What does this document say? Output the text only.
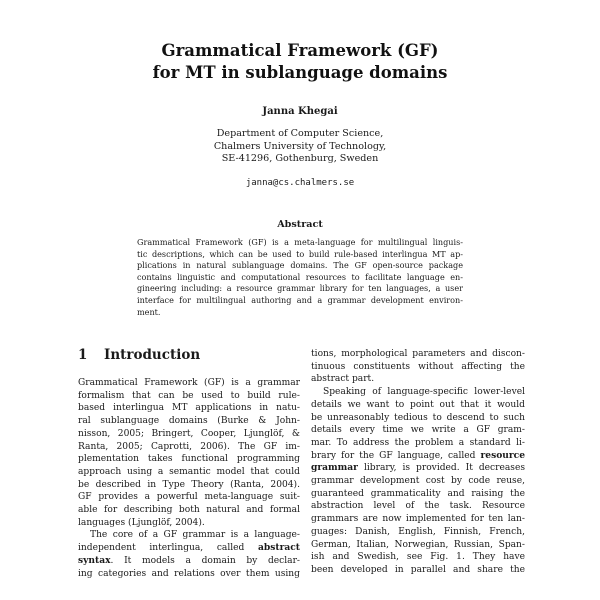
Grammatical Framework (GF)
for MT in sublanguage domains
Janna Khegai
Department of Computer Science,
Chalmers University of Technology,
SE-41296, Gothenburg, Sweden
janna@cs.chalmers.se
Abstract
Grammatical Framework (GF) is a meta-language for multilingual linguis-
tic descriptions, which can be used to build rule-based interlingua MT ap-
plications in natural sublanguage domains. The GF open-source package
contains linguistic and computational resources to facilitate language en-
gineering including: a resource grammar library for ten languages, a user
interface for multilingual authoring and a grammar development environ-
ment.
1 Introduction
Grammatical Framework (GF) is a grammar
formalism that can be used to build rule-
based interlingua MT applications in natu-
ral sublanguage domains (Burke & John-
nisson, 2005; Bringert, Cooper, Ljunglöf, &
Ranta, 2005; Caprotti, 2006). The GF im-
plementation takes functional programming
approach using a semantic model that could
be described in Type Theory (Ranta, 2004).
GF provides a powerful meta-language suit-
able for describing both natural and formal
languages (Ljunglöf, 2004).
The core of a GF grammar is a language-
independent interlingua, called abstract
syntax. It models a domain by declar-
ing categories and relations over them using
tions, morphological parameters and discon-
tinuous constituents without affecting the
abstract part.
Speaking of language-specific lower-level
details we want to point out that it would
be unreasonably tedious to descend to such
details every time we write a GF gram-
mar. To address the problem a standard li-
brary for the GF language, called resource
grammar library, is provided. It decreases
grammar development cost by code reuse,
guaranteed grammaticality and raising the
abstraction level of the task. Resource
grammars are now implemented for ten lan-
guages: Danish, English, Finnish, French,
German, Italian, Norwegian, Russian, Span-
ish and Swedish, see Fig. 1. They have
been developed in parallel and share the
